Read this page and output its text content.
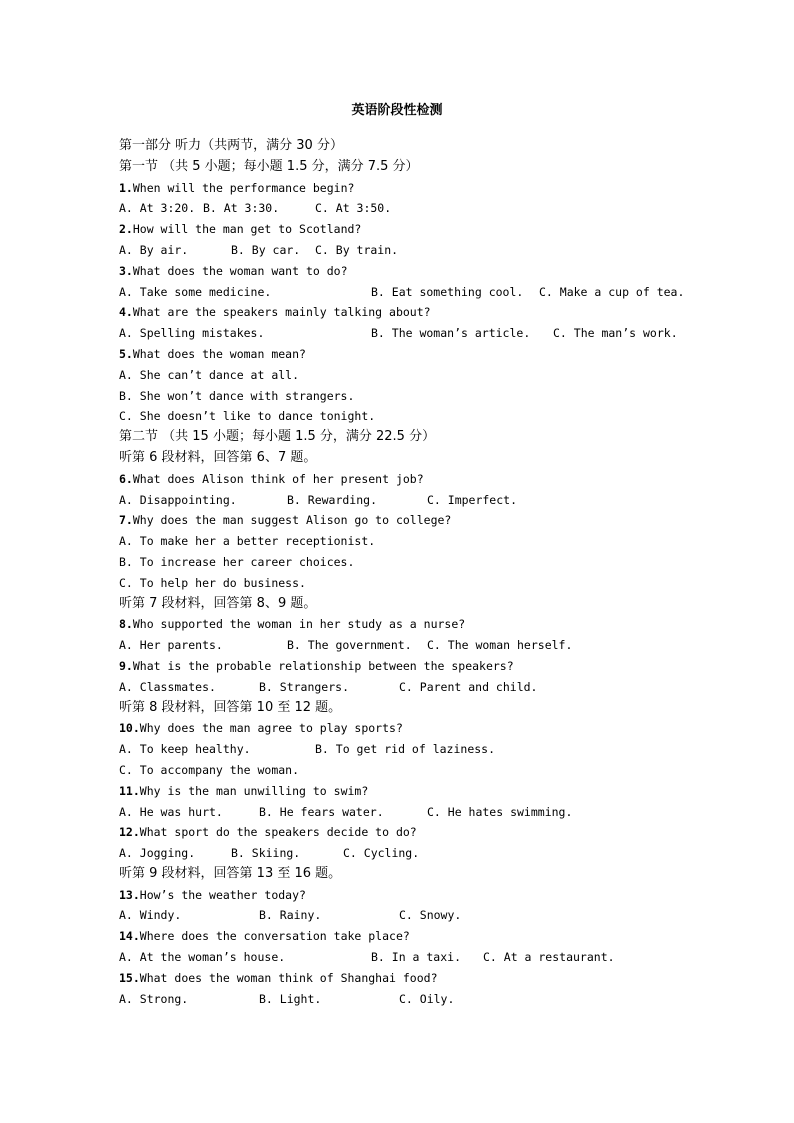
英语阶段性检测
第一部分 听力（共两节，满分 30 分）
第一节 （共 5 小题；每小题 1.5 分，满分 7.5 分）
1.When will the performance begin?

A. At 3:20.

B. At 3:30.

	C. At 3:50.

2.How will the man get to Scotland?

A. By air.

	B. By car.

C. By train.

3.What does the woman want to do?

A. Take some medicine.

	B. Eat something cool.

C. Make a cup of tea.

4.What are the speakers mainly talking about?

A. Spelling mistakes.

	B. The woman’s article.

C. The man’s work.

5.What does the woman mean?
A. She can’t dance at all.
B. She won’t dance with strangers.
C. She doesn’t like to dance tonight.
第二节 （共 15 小题；每小题 1.5 分，满分 22.5 分）
听第 6 段材料，回答第 6、7 题。
6.What does Alison think of her present job?

A. Disappointing.

	B. Rewarding.

	C. Imperfect.

7.Why does the man suggest Alison go to college?
A. To make her a better receptionist.
B. To increase her career choices.
C. To help her do business.
听第 7 段材料，回答第 8、9 题。
8.Who supported the woman in her study as a nurse?

A. Her parents.

	B. The government.

C. The woman herself.

9.What is the probable relationship between the speakers?

A. Classmates.

	B. Strangers.

	C. Parent and child.

听第 8 段材料，回答第 10 至 12 题。
10.Why does the man agree to play sports?

A. To keep healthy.

	B. To get rid of laziness.

C. To accompany the woman.
11.Why is the man unwilling to swim?

A. He was hurt.

	B. He fears water.

	C. He hates swimming.

12.What sport do the speakers decide to do?

A. Jogging.

	B. Skiing.

	C. Cycling.

听第 9 段材料，回答第 13 至 16 题。
13.How’s the weather today?

A. Windy.

	B. Rainy.

	C. Snowy.

14.Where does the conversation take place?

A. At the woman’s house.

	B. In a taxi.

C. At a restaurant.

15.What does the woman think of Shanghai food?

A. Strong.

	B. Light.

	C. Oily.
